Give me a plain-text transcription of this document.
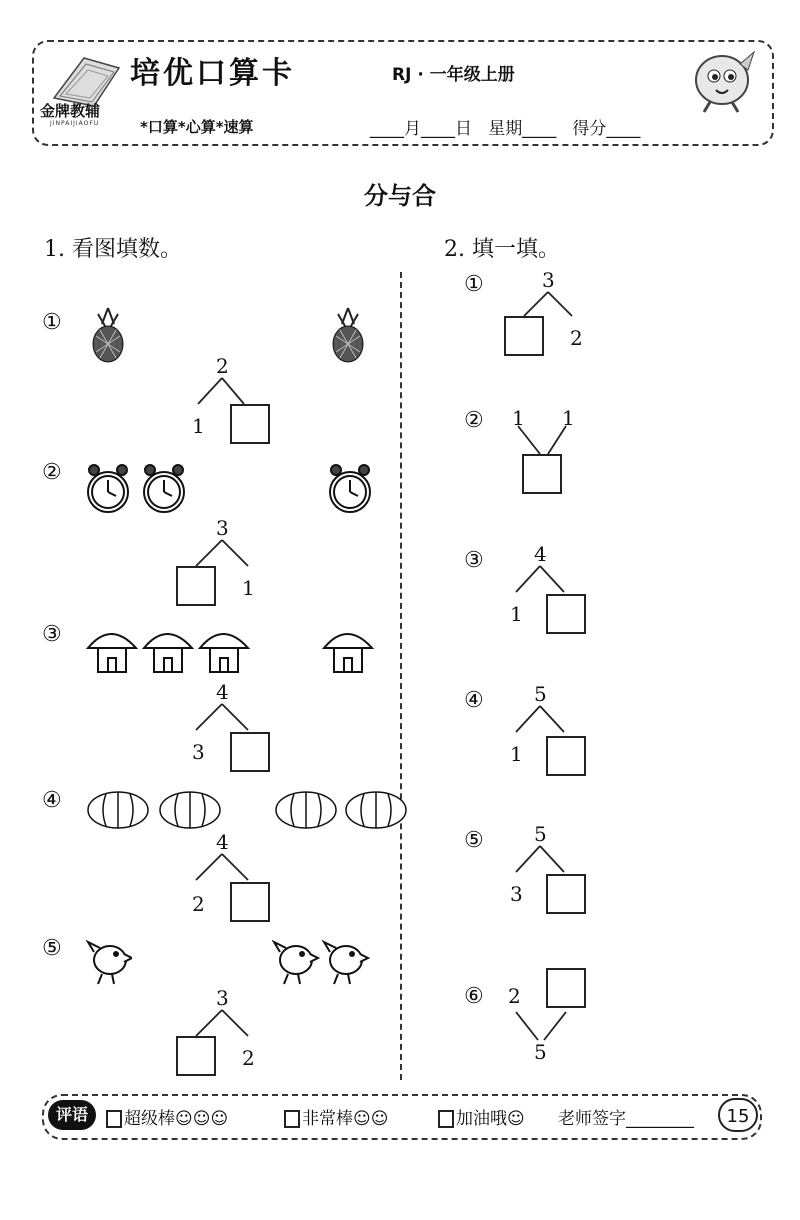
金牌教辅
JINPAIJIAOFU
培优口算卡	RJ · 一年级上册
*口算*心算*速算	____月____日   星期____   得分____
分与合
1. 看图填数。	2. 填一填。
①
2
1
②
3
1
③
4
3
④
4
2
⑤
3
2
①	3
2
② 1 1
③	4
1
④	5
1
⑤	5
3
⑥ 2
5
评语	超级棒☺☺☺	非常棒☺☺	加油哦☺ 老师签字________	15
